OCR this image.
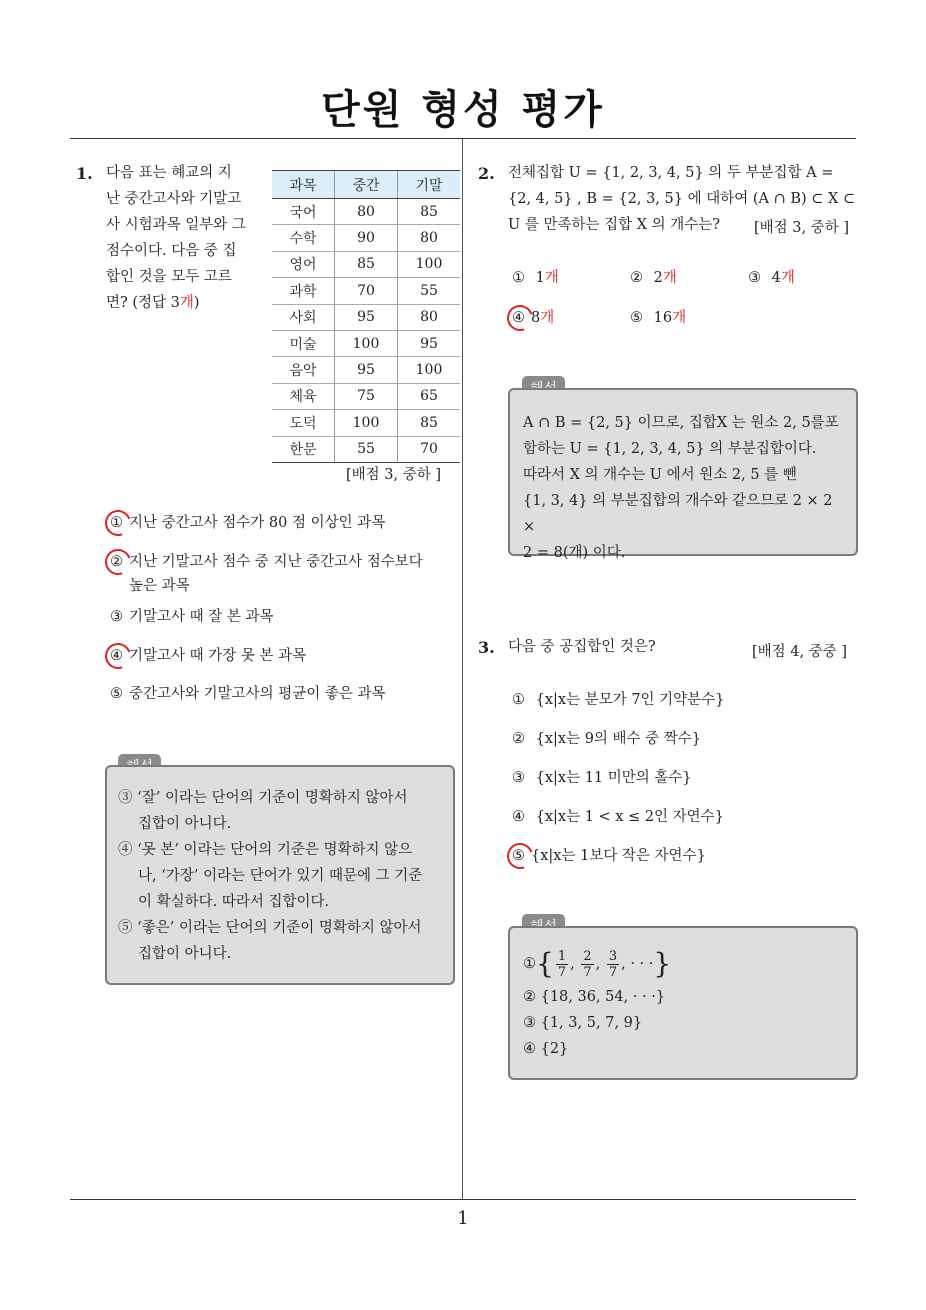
단원 형성 평가
1
1. 다음 표는 혜교의 지
난 중간고사와 기말고
사 시험과목 일부와 그
점수이다. 다음 중 집
합인 것을 모두 고르
면? (정답 3개)
과목	중간	기말
국어	80	85
수학	90	80
영어	85	100
과학	70	55
사회	95	80
미술	100	95
음악	95	100
체육	75	65
도덕	100	85
한문	55	70
[배점 3, 중하 ]
① 지난 중간고사 점수가 80 점 이상인 과목
② 지난 기말고사 점수 중 지난 중간고사 점수보다
높은 과목
③ 기말고사 때 잘 본 과목
④ 기말고사 때 가장 못 본 과목
⑤ 중간고사와 기말고사의 평균이 좋은 과목
③ ‘잘’ 이라는 단어의 기준이 명확하지 않아서
집합이 아니다.
④ ‘못 본’ 이라는 단어의 기준은 명확하지 않으
나, ‘가장’ 이라는 단어가 있기 때문에 그 기준
이 확실하다. 따라서 집합이다.
⑤ ‘좋은’ 이라는 단어의 기준이 명확하지 않아서
집합이 아니다.
2. 전체집합 U = {1, 2, 3, 4, 5} 의 두 부분집합 A =
{2, 4, 5} , B = {2, 3, 5} 에 대하여 (A ∩ B) ⊂ X ⊂
U 를 만족하는 집합 X 의 개수는?	[배점 3, 중하 ]
① 1개	② 2개	③ 4개
④ 8개	⑤ 16개
A ∩ B = {2, 5} 이므로, 집합X 는 원소 2, 5를포
함하는 U = {1, 2, 3, 4, 5} 의 부분집합이다.
따라서 X 의 개수는 U 에서 원소 2, 5 를 뺀
{1, 3, 4} 의 부분집합의 개수와 같으므로 2 × 2 ×
2 = 8(개) 이다.
3. 다음 중 공집합인 것은?	[배점 4, 중중 ]
① {x|x는 분모가 7인 기약분수}
② {x|x는 9의 배수 중 짝수}
③ {x|x는 11 미만의 홀수}
④ {x|x는 1 < x ≤ 2인 자연수}
⑤ {x|x는 1보다 작은 자연수}
①{ $\frac{1}{7}$ , $\frac{2}{7}$ , $\frac{3}{7}$ , · · ·}
② {18, 36, 54, · · ·}
③ {1, 3, 5, 7, 9}
④ {2}
